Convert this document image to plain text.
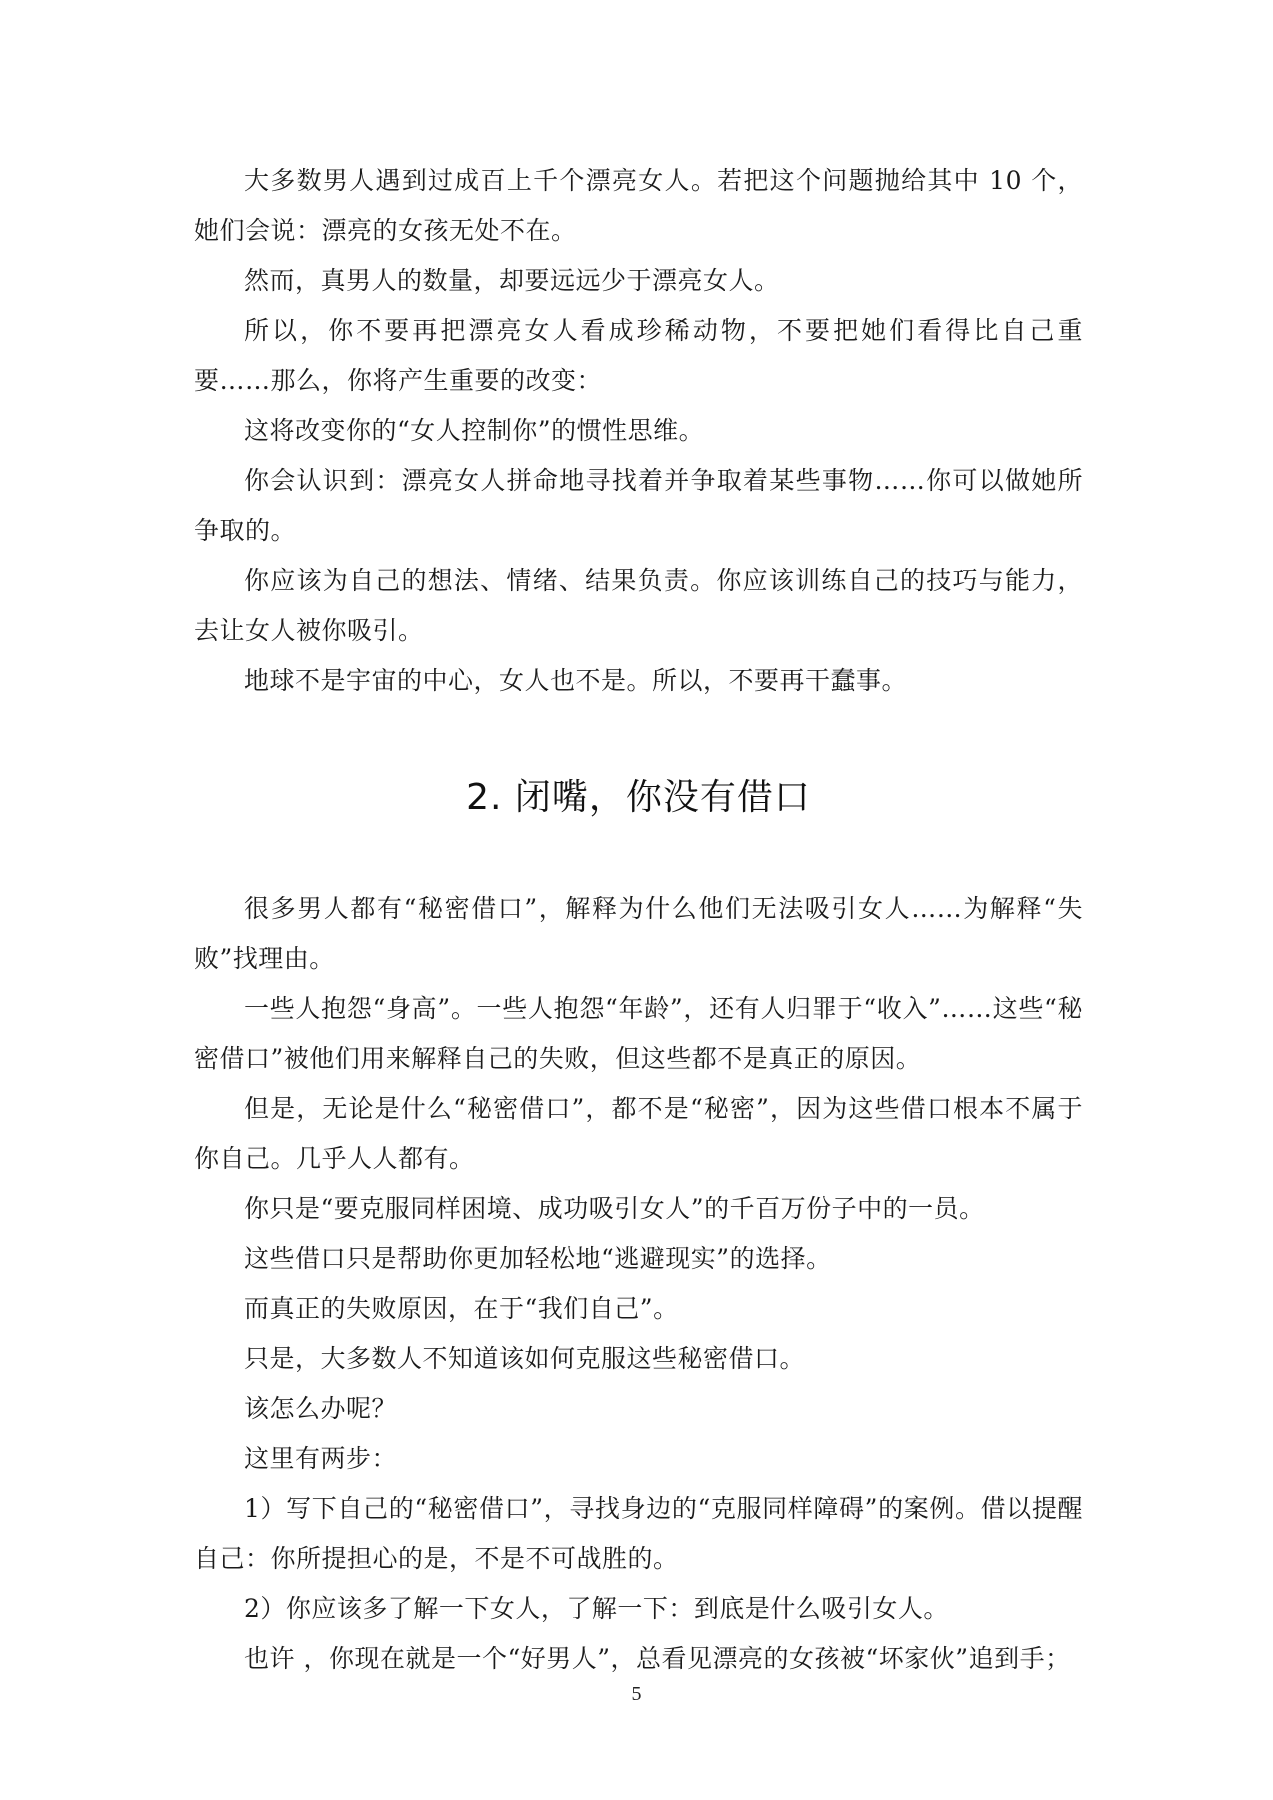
大多数男人遇到过成百上千个漂亮女人。若把这个问题抛给其中 10 个，她们会说：漂亮的女孩无处不在。

然而，真男人的数量，却要远远少于漂亮女人。

所以，你不要再把漂亮女人看成珍稀动物，不要把她们看得比自己重要……那么，你将产生重要的改变：

这将改变你的“女人控制你”的惯性思维。

你会认识到：漂亮女人拼命地寻找着并争取着某些事物……你可以做她所争取的。

你应该为自己的想法、情绪、结果负责。你应该训练自己的技巧与能力，去让女人被你吸引。

地球不是宇宙的中心，女人也不是。所以，不要再干蠢事。

2. 闭嘴，你没有借口

很多男人都有“秘密借口”，解释为什么他们无法吸引女人……为解释“失败”找理由。

一些人抱怨“身高”。一些人抱怨“年龄”，还有人归罪于“收入”……这些“秘密借口”被他们用来解释自己的失败，但这些都不是真正的原因。

但是，无论是什么“秘密借口”，都不是“秘密”，因为这些借口根本不属于你自己。几乎人人都有。

你只是“要克服同样困境、成功吸引女人”的千百万份子中的一员。

这些借口只是帮助你更加轻松地“逃避现实”的选择。

而真正的失败原因，在于“我们自己”。

只是，大多数人不知道该如何克服这些秘密借口。

该怎么办呢？

这里有两步：

1）写下自己的“秘密借口”，寻找身边的“克服同样障碍”的案例。借以提醒自己：你所提担心的是，不是不可战胜的。

2）你应该多了解一下女人，了解一下：到底是什么吸引女人。

也许 ，你现在就是一个“好男人”，总看见漂亮的女孩被“坏家伙”追到手；

5
